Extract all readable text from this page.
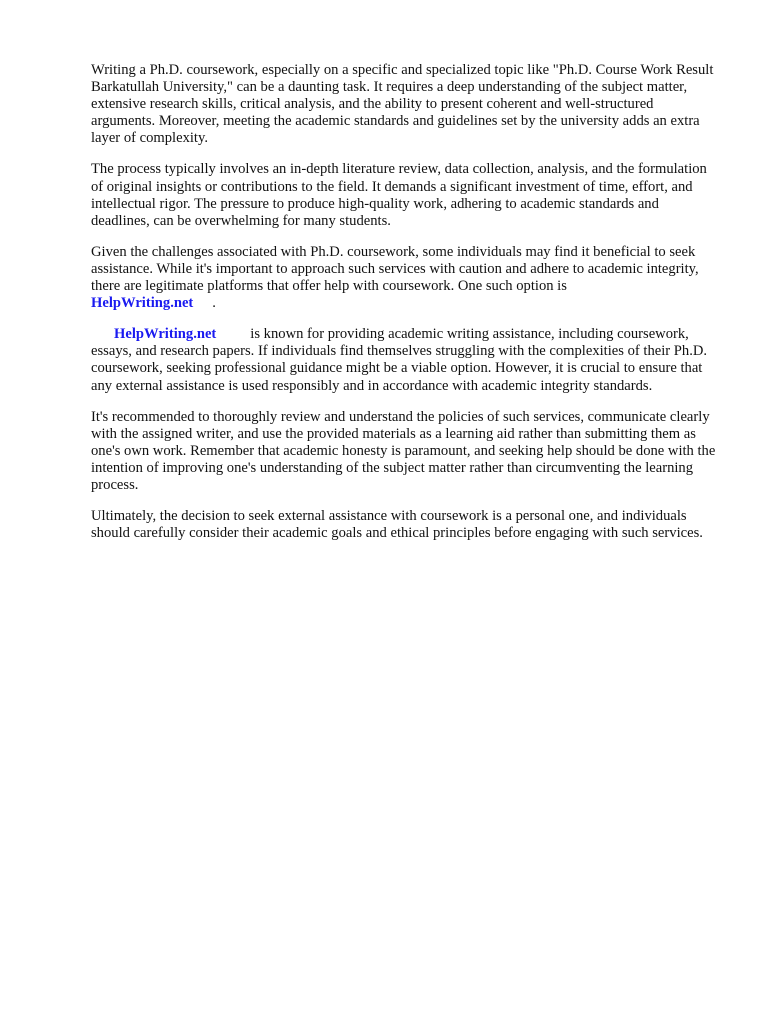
Writing a Ph.D. coursework, especially on a specific and specialized topic like "Ph.D. Course Work Result Barkatullah University," can be a daunting task. It requires a deep understanding of the subject matter, extensive research skills, critical analysis, and the ability to present coherent and well-structured arguments. Moreover, meeting the academic standards and guidelines set by the university adds an extra layer of complexity.

The process typically involves an in-depth literature review, data collection, analysis, and the formulation of original insights or contributions to the field. It demands a significant investment of time, effort, and intellectual rigor. The pressure to produce high-quality work, adhering to academic standards and deadlines, can be overwhelming for many students.

Given the challenges associated with Ph.D. coursework, some individuals may find it beneficial to seek assistance. While it's important to approach such services with caution and adhere to academic integrity, there are legitimate platforms that offer help with coursework. One such option is
HelpWriting.net .

HelpWriting.net is known for providing academic writing assistance, including coursework, essays, and research papers. If individuals find themselves struggling with the complexities of their Ph.D. coursework, seeking professional guidance might be a viable option. However, it is crucial to ensure that any external assistance is used responsibly and in accordance with academic integrity standards.

It's recommended to thoroughly review and understand the policies of such services, communicate clearly with the assigned writer, and use the provided materials as a learning aid rather than submitting them as one's own work. Remember that academic honesty is paramount, and seeking help should be done with the intention of improving one's understanding of the subject matter rather than circumventing the learning process.

Ultimately, the decision to seek external assistance with coursework is a personal one, and individuals should carefully consider their academic goals and ethical principles before engaging with such services.
